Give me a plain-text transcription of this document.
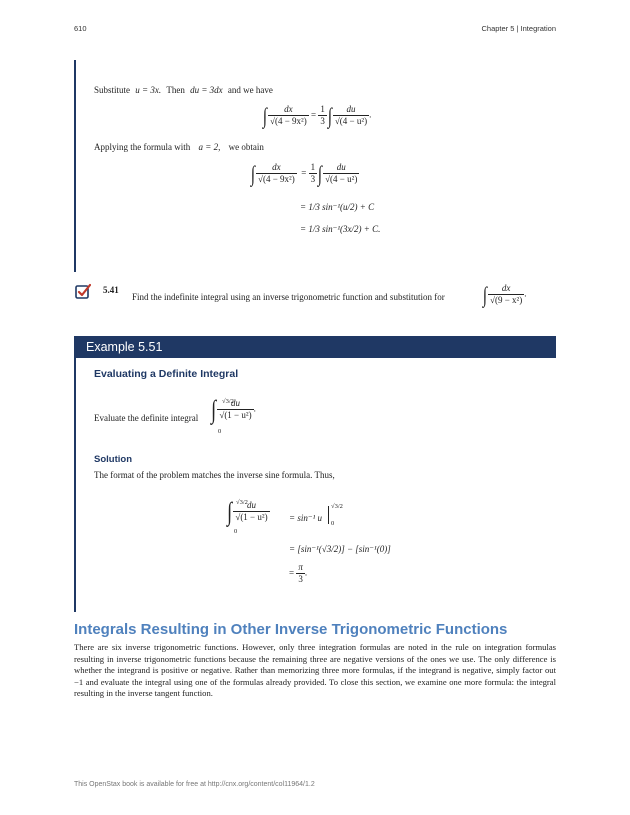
610	Chapter 5 | Integration
Substitute u = 3x. Then du = 3dx and we have
∫ $\frac{dx}{\text{√(4 − 9x²)}} = \frac{1}{3}$ ∫ $\frac{du}{\text{√(4 − u²)}}$ .
Applying the formula with a = 2, we obtain
∫ $\frac{dx}{\text{√(4 − 9x²)}} = \frac{1}{3}$ ∫ $\frac{du}{\text{√(4 − u²)}}$
= 1/3 sin⁻¹(u/2) + C
= 1/3 sin⁻¹(3x/2) + C.
5.41
Find the indefinite integral using an inverse trigonometric function and substitution for ∫ $\frac{dx}{\text{√(9 − x²)}}$ .
Example 5.51
Evaluating a Definite Integral
Evaluate the definite integral ∫ $\frac{du}{\text{√(1 − u²)}}$ .
√3/2
0
Solution
The format of the problem matches the inverse sine formula. Thus,
∫ $\frac{du}{\text{√(1 − u²)}}$
√3/2
0
= sin⁻¹ u
√3/2
0
= [sin⁻¹(√3/2)] − [sin⁻¹(0)]
= $\frac{\pi}{3}$ .
Integrals Resulting in Other Inverse Trigonometric Functions
There are six inverse trigonometric functions. However, only three integration formulas are noted in the rule on integration formulas resulting in inverse trigonometric functions because the remaining three are negative versions of the ones we use. The only difference is whether the integrand is positive or negative. Rather than memorizing three more formulas, if the integrand is negative, simply factor out −1 and evaluate the integral using one of the formulas already provided. To close this section, we examine one more formula: the integral resulting in the inverse tangent function.
This OpenStax book is available for free at http://cnx.org/content/col11964/1.2
